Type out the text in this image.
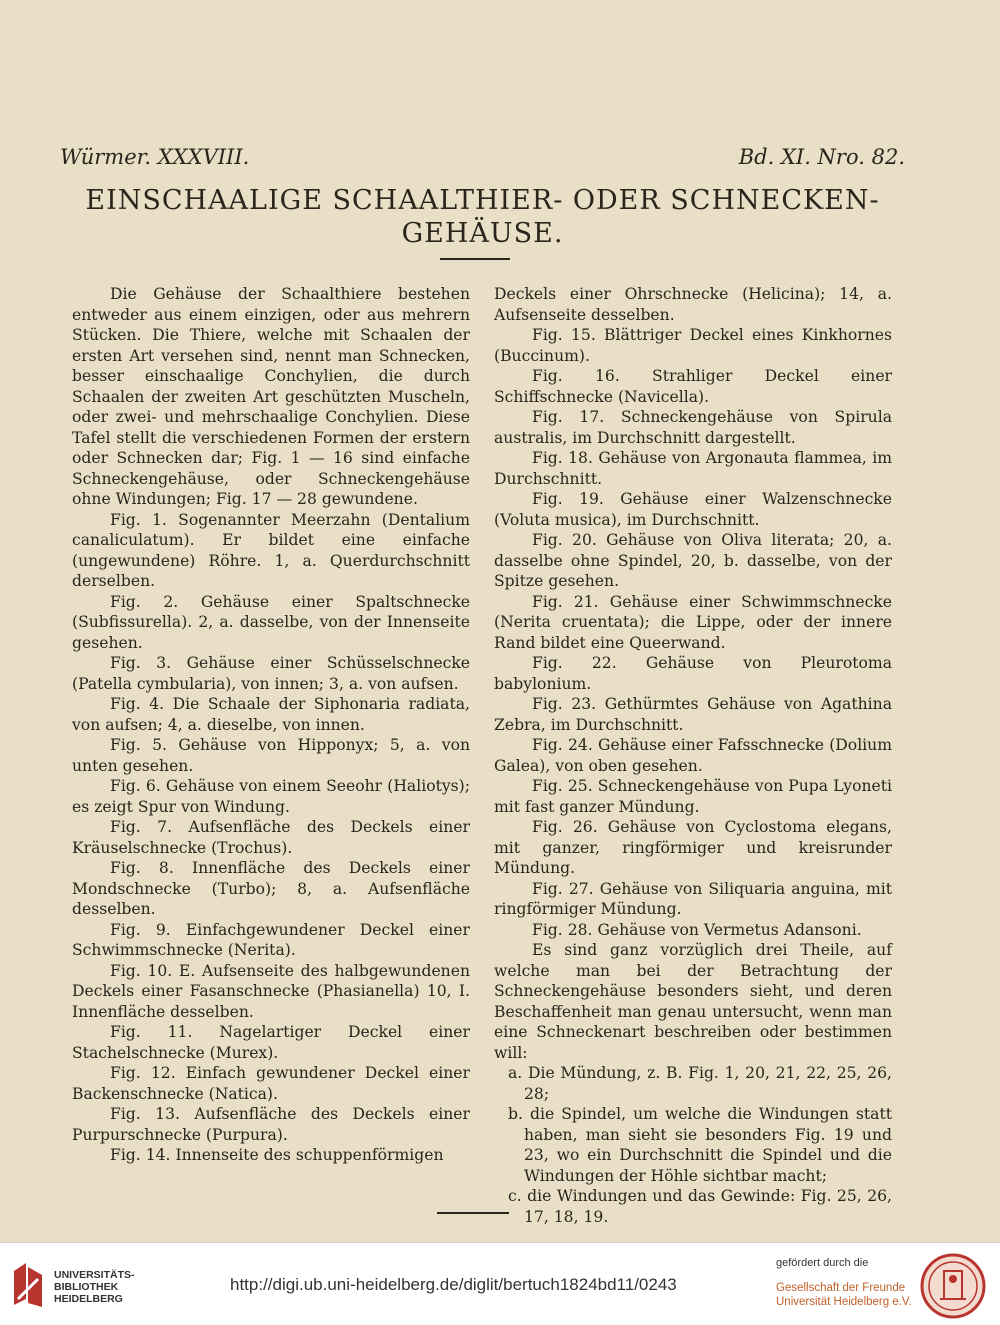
Würmer. XXXVIII.	Bd. XI. Nro. 82.
EINSCHAALIGE SCHAALTHIER- ODER SCHNECKEN-
GEHÄUSE.

Die Gehäuse der Schaalthiere bestehen entweder aus einem einzigen, oder aus mehrern Stücken. Die Thiere, welche mit Schaalen der ersten Art versehen sind, nennt man Schnecken, besser einschaalige Conchylien, die durch Schaalen der zweiten Art geschützten Muscheln, oder zwei- und mehrschaalige Conchylien. Diese Tafel stellt die verschiedenen Formen der erstern oder Schnecken dar; Fig. 1 — 16 sind einfache Schneckengehäuse, oder Schneckengehäuse ohne Windungen; Fig. 17 — 28 gewundene.

Fig. 1. Sogenannter Meerzahn (Dentalium canaliculatum). Er bildet eine einfache (ungewundene) Röhre. 1, a. Querdurchschnitt derselben.

Fig. 2. Gehäuse einer Spaltschnecke (Subfissurella). 2, a. dasselbe, von der Innenseite gesehen.

Fig. 3. Gehäuse einer Schüsselschnecke (Patella cymbularia), von innen; 3, a. von aufsen.

Fig. 4. Die Schaale der Siphonaria radiata, von aufsen; 4, a. dieselbe, von innen.

Fig. 5. Gehäuse von Hipponyx; 5, a. von unten gesehen.

Fig. 6. Gehäuse von einem Seeohr (Haliotys); es zeigt Spur von Windung.

Fig. 7. Aufsenfläche des Deckels einer Kräuselschnecke (Trochus).

Fig. 8. Innenfläche des Deckels einer Mondschnecke (Turbo); 8, a. Aufsenfläche desselben.

Fig. 9. Einfachgewundener Deckel einer Schwimmschnecke (Nerita).

Fig. 10. E. Aufsenseite des halbgewundenen Deckels einer Fasanschnecke (Phasianella) 10, I. Innenfläche desselben.

Fig. 11. Nagelartiger Deckel einer Stachelschnecke (Murex).

Fig. 12. Einfach gewundener Deckel einer Backenschnecke (Natica).

Fig. 13. Aufsenfläche des Deckels einer Purpurschnecke (Purpura).

Fig. 14. Innenseite des schuppenförmigen

Deckels einer Ohrschnecke (Helicina); 14, a. Aufsenseite desselben.

Fig. 15. Blättriger Deckel eines Kinkhornes (Buccinum).

Fig. 16. Strahliger Deckel einer Schiffschnecke (Navicella).

Fig. 17. Schneckengehäuse von Spirula australis, im Durchschnitt dargestellt.

Fig. 18. Gehäuse von Argonauta flammea, im Durchschnitt.

Fig. 19. Gehäuse einer Walzenschnecke (Voluta musica), im Durchschnitt.

Fig. 20. Gehäuse von Oliva literata; 20, a. dasselbe ohne Spindel, 20, b. dasselbe, von der Spitze gesehen.

Fig. 21. Gehäuse einer Schwimmschnecke (Nerita cruentata); die Lippe, oder der innere Rand bildet eine Queerwand.

Fig. 22. Gehäuse von Pleurotoma babylonium.

Fig. 23. Gethürmtes Gehäuse von Agathina Zebra, im Durchschnitt.

Fig. 24. Gehäuse einer Fafsschnecke (Dolium Galea), von oben gesehen.

Fig. 25. Schneckengehäuse von Pupa Lyoneti mit fast ganzer Mündung.

Fig. 26. Gehäuse von Cyclostoma elegans, mit ganzer, ringförmiger und kreisrunder Mündung.

Fig. 27. Gehäuse von Siliquaria anguina, mit ringförmiger Mündung.

Fig. 28. Gehäuse von Vermetus Adansoni.

Es sind ganz vorzüglich drei Theile, auf welche man bei der Betrachtung der Schneckengehäuse besonders sieht, und deren Beschaffenheit man genau untersucht, wenn man eine Schneckenart beschreiben oder bestimmen will:

a. Die Mündung, z. B. Fig. 1, 20, 21, 22, 25, 26, 28;

b. die Spindel, um welche die Windungen statt haben, man sieht sie besonders Fig. 19 und 23, wo ein Durchschnitt die Spindel und die Windungen der Höhle sichtbar macht;

c. die Windungen und das Gewinde: Fig. 25, 26, 17, 18, 19.

UNIVERSITÄTS-
BIBLIOTHEK
HEIDELBERG
http://digi.ub.uni-heidelberg.de/diglit/bertuch1824bd11/0243
gefördert durch die
Gesellschaft der Freunde
Universität Heidelberg e.V.
